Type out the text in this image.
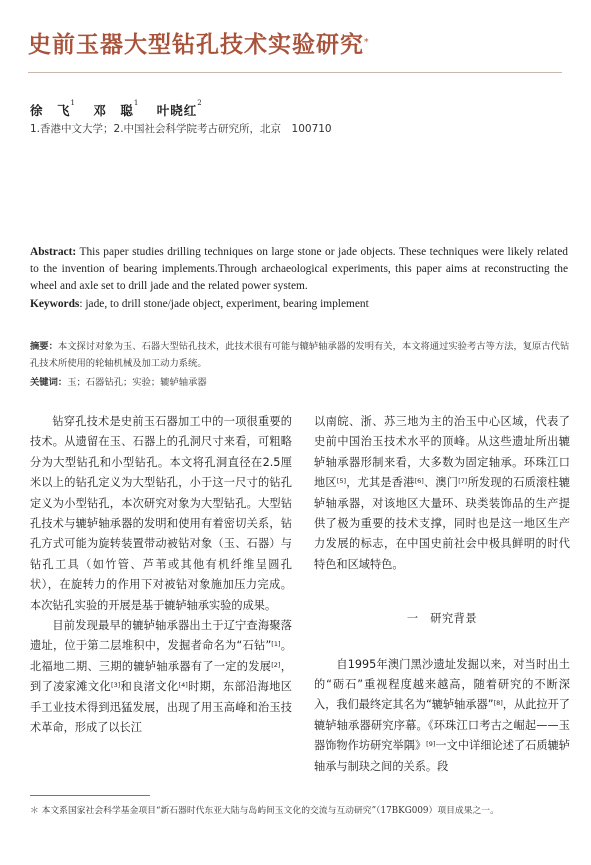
史前玉器大型钻孔技术实验研究*
徐　飞$^1$ 邓　聪$^1$ 叶晓红$^2$
1.香港中文大学；2.中国社会科学院考古研究所，北京　100710
Abstract: This paper studies drilling techniques on large stone or jade objects. These techniques were likely related to the invention of bearing implements.Through archaeological experiments, this paper aims at reconstructing the wheel and axle set to drill jade and the related power system.
Keywords: jade, to drill stone/jade object, experiment, bearing implement
摘要：本文探讨对象为玉、石器大型钻孔技术，此技术很有可能与辘轳轴承器的发明有关，本文将通过实验考古等方法，复原古代钻孔技术所使用的轮轴机械及加工动力系统。
关键词：玉；石器钻孔；实验；辘轳轴承器

钻穿孔技术是史前玉石器加工中的一项很重要的技术。从遗留在玉、石器上的孔洞尺寸来看，可粗略分为大型钻孔和小型钻孔。本文将孔洞直径在2.5厘米以上的钻孔定义为大型钻孔，小于这一尺寸的钻孔定义为小型钻孔，本次研究对象为大型钻孔。大型钻孔技术与辘轳轴承器的发明和使用有着密切关系，钻孔方式可能为旋转装置带动被钻对象（玉、石器）与钻孔工具（如竹管、芦苇或其他有机纤维呈圆孔状），在旋转力的作用下对被钻对象施加压力完成。本次钻孔实验的开展是基于辘轳轴承实验的成果。

目前发现最早的辘轳轴承器出土于辽宁查海聚落遗址，位于第二层堆积中，发掘者命名为“石钻”[1]。北福地二期、三期的辘轳轴承器有了一定的发展[2]，到了凌家滩文化[3]和良渚文化[4]时期，东部沿海地区手工业技术得到迅猛发展，出现了用玉高峰和治玉技术革命，形成了以长江

以南皖、浙、苏三地为主的治玉中心区域，代表了史前中国治玉技术水平的顶峰。从这些遗址所出辘轳轴承器形制来看，大多数为固定轴承。环珠江口地区[5]，尤其是香港[6]、澳门[7]所发现的石质滚柱辘轳轴承器，对该地区大量环、玦类装饰品的生产提供了极为重要的技术支撑，同时也是这一地区生产力发展的标志，在中国史前社会中极具鲜明的时代特色和区域特色。

一　研究背景

自1995年澳门黑沙遗址发掘以来，对当时出土的“砺石”重视程度越来越高，随着研究的不断深入，我们最终定其名为“辘轳轴承器”[8]，从此拉开了辘轳轴承器研究序幕。《环珠江口考古之崛起——玉器饰物作坊研究举隅》[9]一文中详细论述了石质辘轳轴承与制玦之间的关系。段

＊ 本文系国家社会科学基金项目“新石器时代东亚大陆与岛屿间玉文化的交流与互动研究”（17BKG009）项目成果之一。
